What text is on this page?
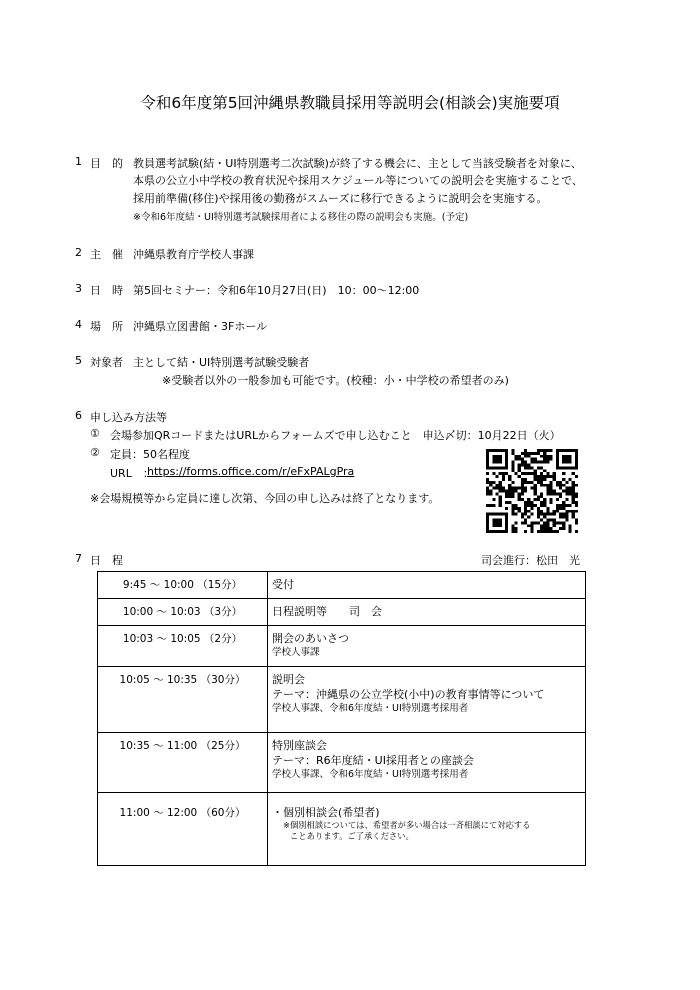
令和6年度第5回沖縄県教職員採用等説明会(相談会)実施要項
1 目　的 教員選考試験(結・UI特別選考二次試験)が終了する機会に、主として当該受験者を対象に、
本県の公立小中学校の教育状況や採用スケジュール等についての説明会を実施することで、
採用前準備(移住)や採用後の勤務がスムーズに移行できるように説明会を実施する。
※令和6年度結・UI特別選考試験採用者による移住の際の説明会も実施。(予定)
2 主　催 沖縄県教育庁学校人事課
3 日　時 第5回セミナー：令和6年10月27日(日)　10：00～12:00
4 場　所 沖縄県立図書館・3Fホール
5 対象者 主として結・UI特別選考試験受験者
※受験者以外の一般参加も可能です。(校種：小・中学校の希望者のみ)
6 申し込み方法等
① 会場参加QRコードまたはURLからフォームズで申し込むこと　申込〆切：10月22日（火）
② 定員：50名程度
URL　：
https://forms.office.com/r/eFxPALgPra
※会場規模等から定員に達し次第、今回の申し込みは終了となります。
7 日　程	司会進行：松田　光
9:45 ～ 10:00 （15分）	受付

10:00 ～ 10:03 （3分）	日程説明等　　司　会

10:03 ～ 10:05 （2分）	開会のあいさつ
学校人事課

10:05 ～ 10:35 （30分）	説明会
テーマ：沖縄県の公立学校(小中)の教育事情等について
学校人事課、令和6年度結・UI特別選考採用者

10:35 ～ 11:00 （25分）	特別座談会
テーマ：R6年度結・UI採用者との座談会
学校人事課、令和6年度結・UI特別選考採用者

11:00 ～ 12:00 （60分）	・個別相談会(希望者)
※個別相談については、希望者が多い場合は一斉相談にて対応する
ことあります。ご了承ください。
